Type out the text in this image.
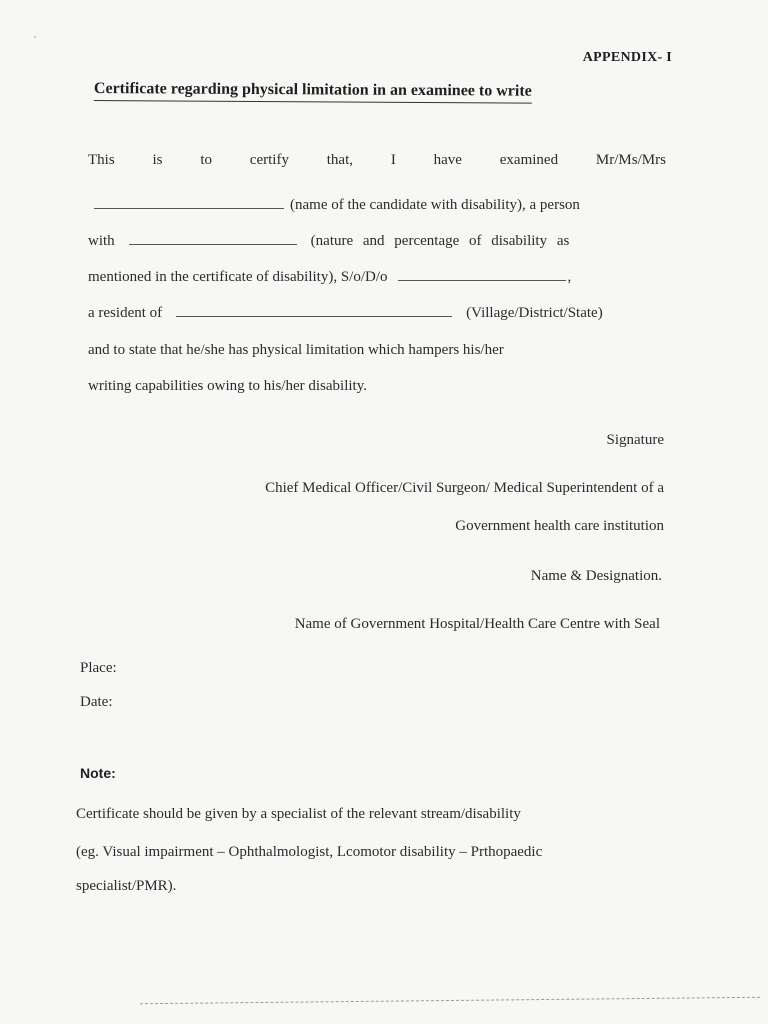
APPENDIX- I
Certificate regarding physical limitation in an examinee to write
This	is	to	certify	that,	I	have	examined	Mr/Ms/Mrs
(name of the candidate with disability), a person
with	(nature and percentage of disability as
mentioned in the certificate of disability), S/o/D/o	,
a resident of	(Village/District/State)
and to state that he/she has physical limitation which hampers his/her
writing capabilities owing to his/her disability.
Signature
Chief Medical Officer/Civil Surgeon/ Medical Superintendent of a
Government health care institution
Name & Designation.
Name of Government Hospital/Health Care Centre with Seal
Place:
Date:
Note:
Certificate should be given by a specialist of the relevant stream/disability
(eg. Visual impairment – Ophthalmologist, Lcomotor disability – Prthopaedic
specialist/PMR).
